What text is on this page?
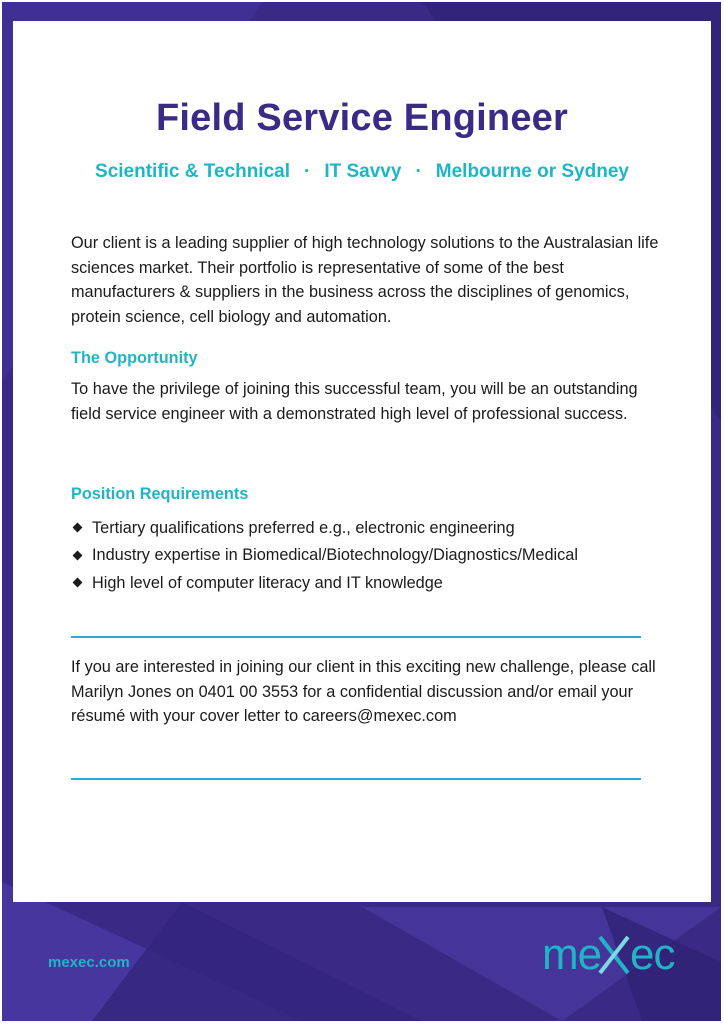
Field Service Engineer
Scientific & Technical · IT Savvy · Melbourne or Sydney

Our client is a leading supplier of high technology solutions to the Australasian life sciences market. Their portfolio is representative of some of the best manufacturers & suppliers in the business across the disciplines of genomics, protein science, cell biology and automation.

The Opportunity

To have the privilege of joining this successful team, you will be an outstanding field service engineer with a demonstrated high level of professional success.

Position Requirements
Tertiary qualifications preferred e.g., electronic engineering
Industry expertise in Biomedical/Biotechnology/Diagnostics/Medical
High level of computer literacy and IT knowledge

If you are interested in joining our client in this exciting new challenge, please call Marilyn Jones on 0401 00 3553 for a confidential discussion and/or email your résumé with your cover letter to careers@mexec.com

mexec.com	me ec
